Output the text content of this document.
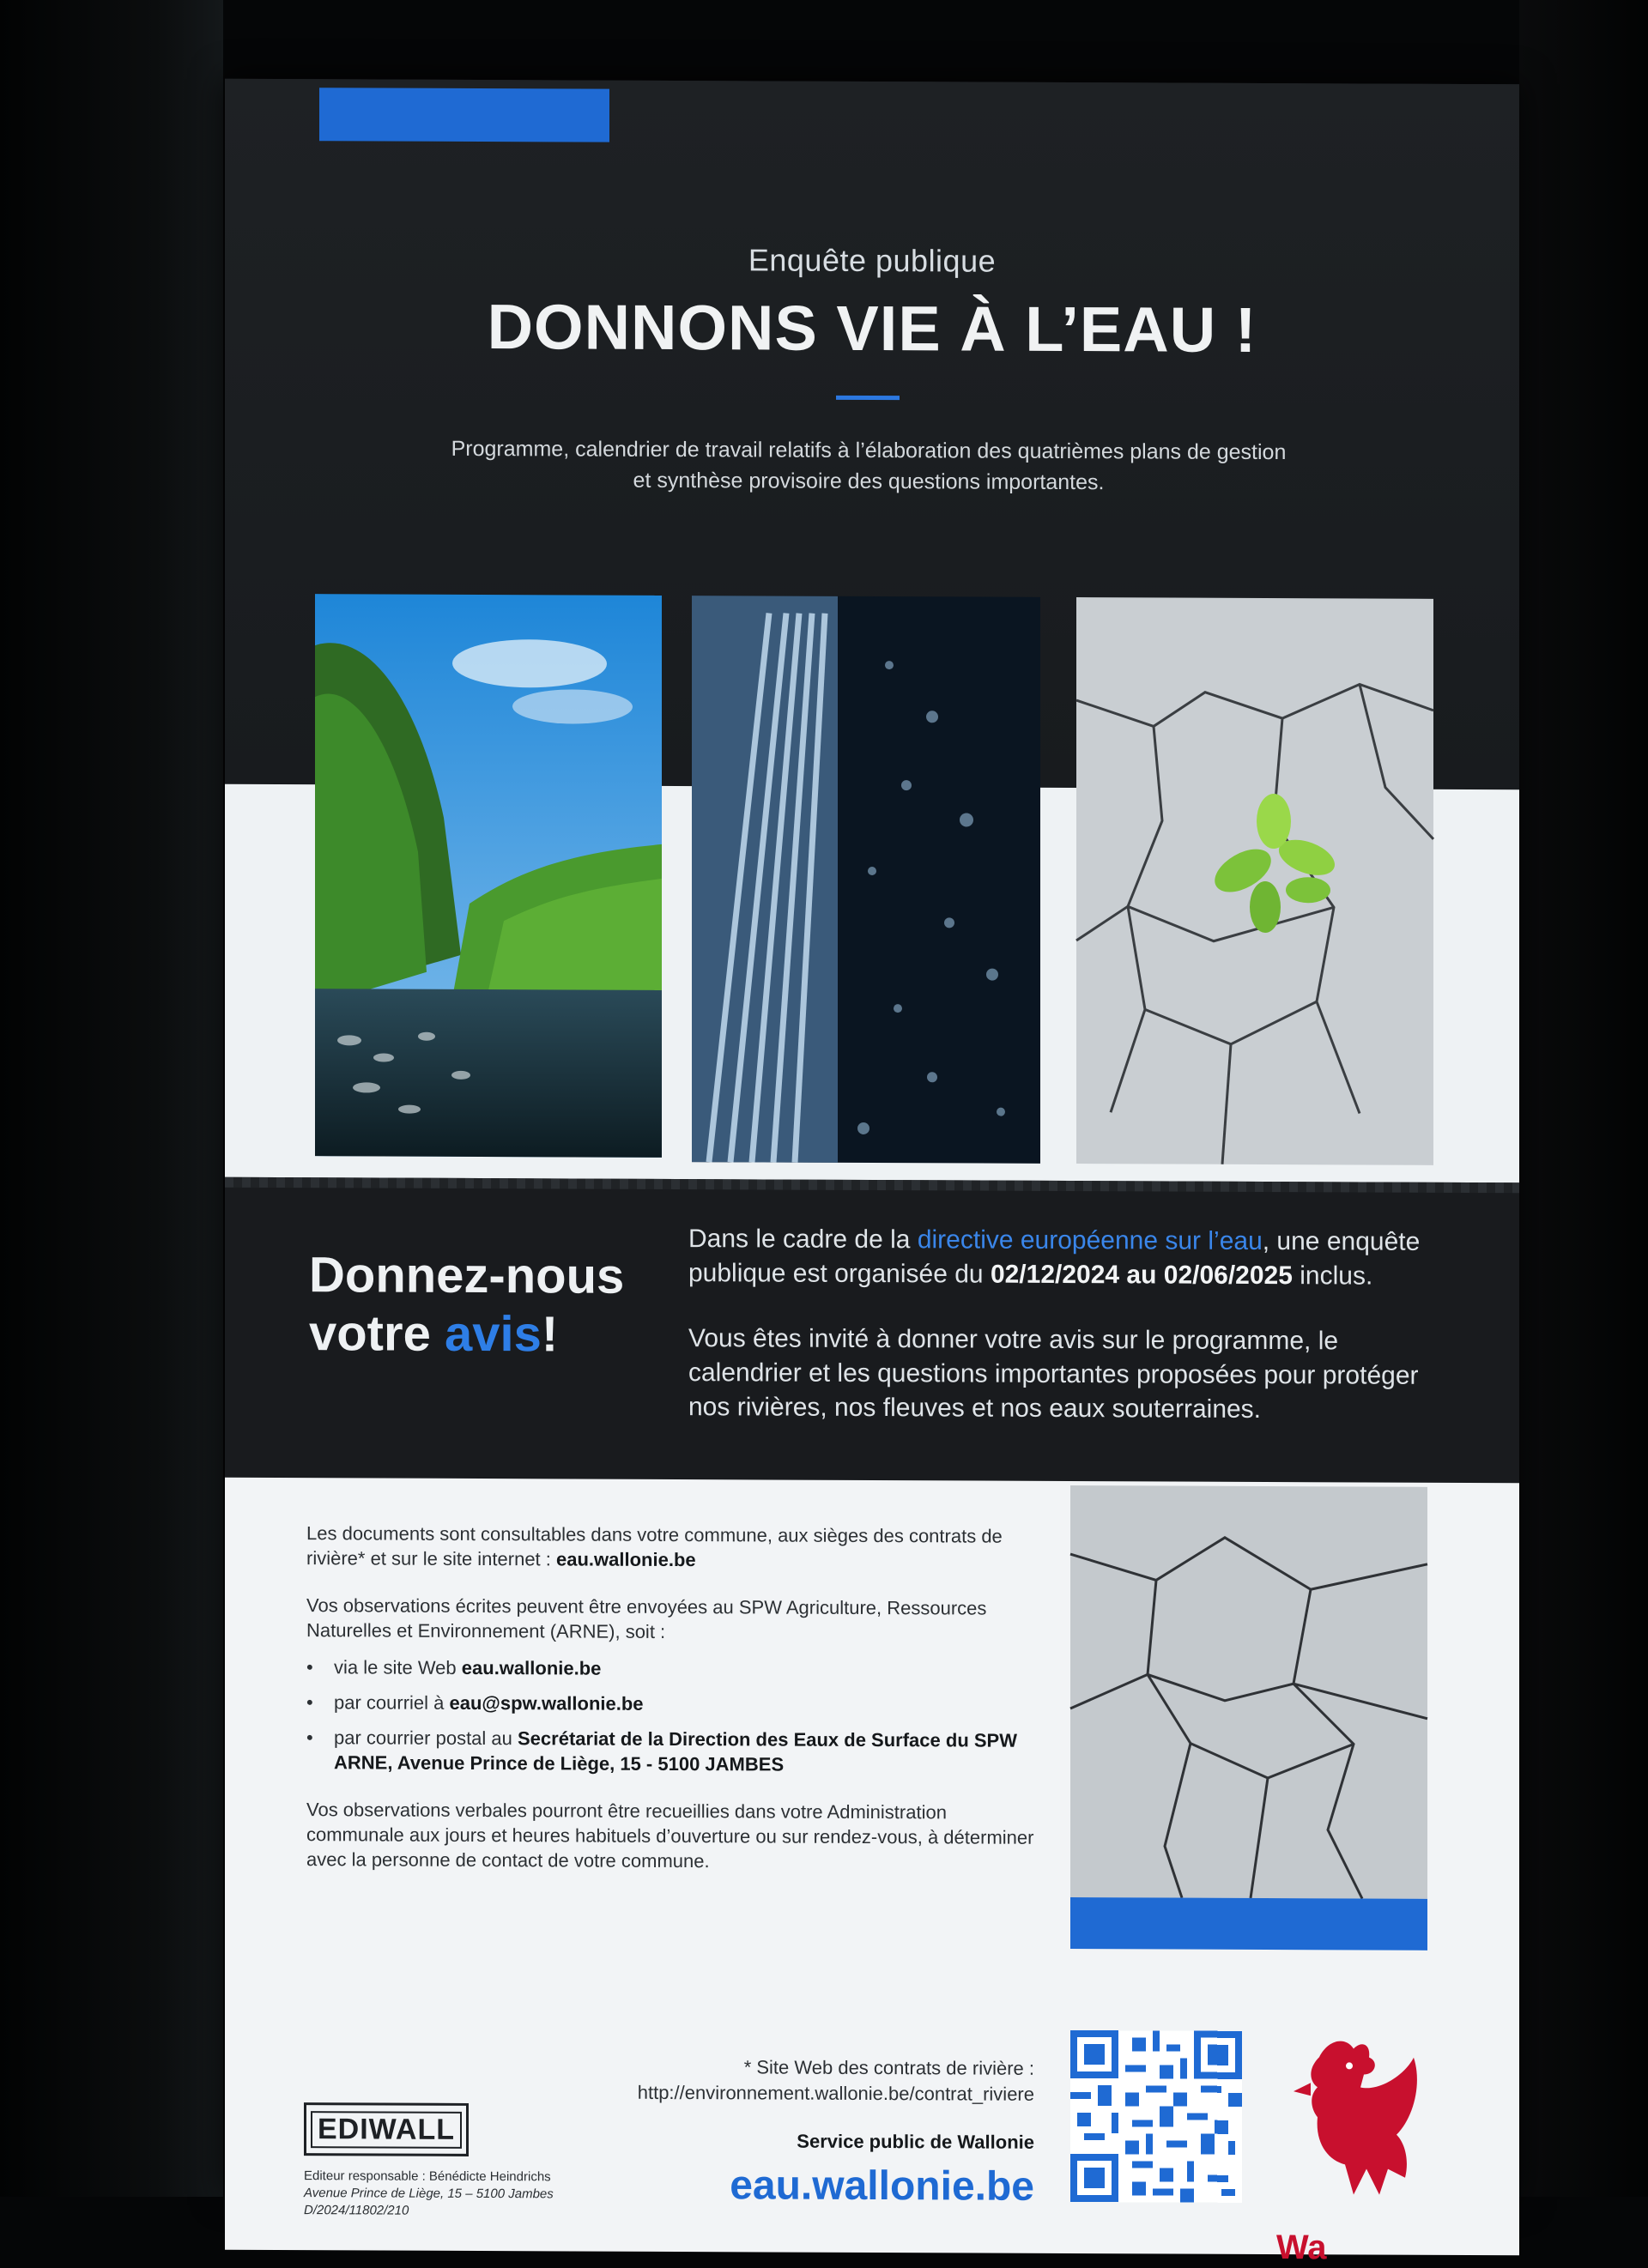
Enquête publique
DONNONS VIE À L’EAU !
Programme, calendrier de travail relatifs à l’élaboration des quatrièmes plans de gestion et synthèse provisoire des questions importantes.
Donnez-nous
votre avis!

Dans le cadre de la directive européenne sur l’eau, une enquête publique est organisée du 02/12/2024 au 02/06/2025 inclus.

Vous êtes invité à donner votre avis sur le programme, le calendrier et les questions importantes proposées pour protéger nos rivières, nos fleuves et nos eaux souterraines.

Les documents sont consultables dans votre commune, aux sièges des contrats de rivière* et sur le site internet : eau.wallonie.be

Vos observations écrites peuvent être envoyées au SPW Agriculture, Ressources Naturelles et Environnement (ARNE), soit :

• via le site Web eau.wallonie.be
• par courriel à eau@spw.wallonie.be
• par courrier postal au Secrétariat de la Direction des Eaux de Surface du SPW ARNE, Avenue Prince de Liège, 15 - 5100 JAMBES

Vos observations verbales pourront être recueillies dans votre Administration communale aux jours et heures habituels d’ouverture ou sur rendez-vous, à déterminer avec la personne de contact de votre commune.

* Site Web des contrats de rivière :
http://environnement.wallonie.be/contrat_riviere
Service public de Wallonie
eau.wallonie.be
EDIWALL
Editeur responsable : Bénédicte Heindrichs
Avenue Prince de Liège, 15 – 5100 Jambes
D/2024/11802/210
Wa
